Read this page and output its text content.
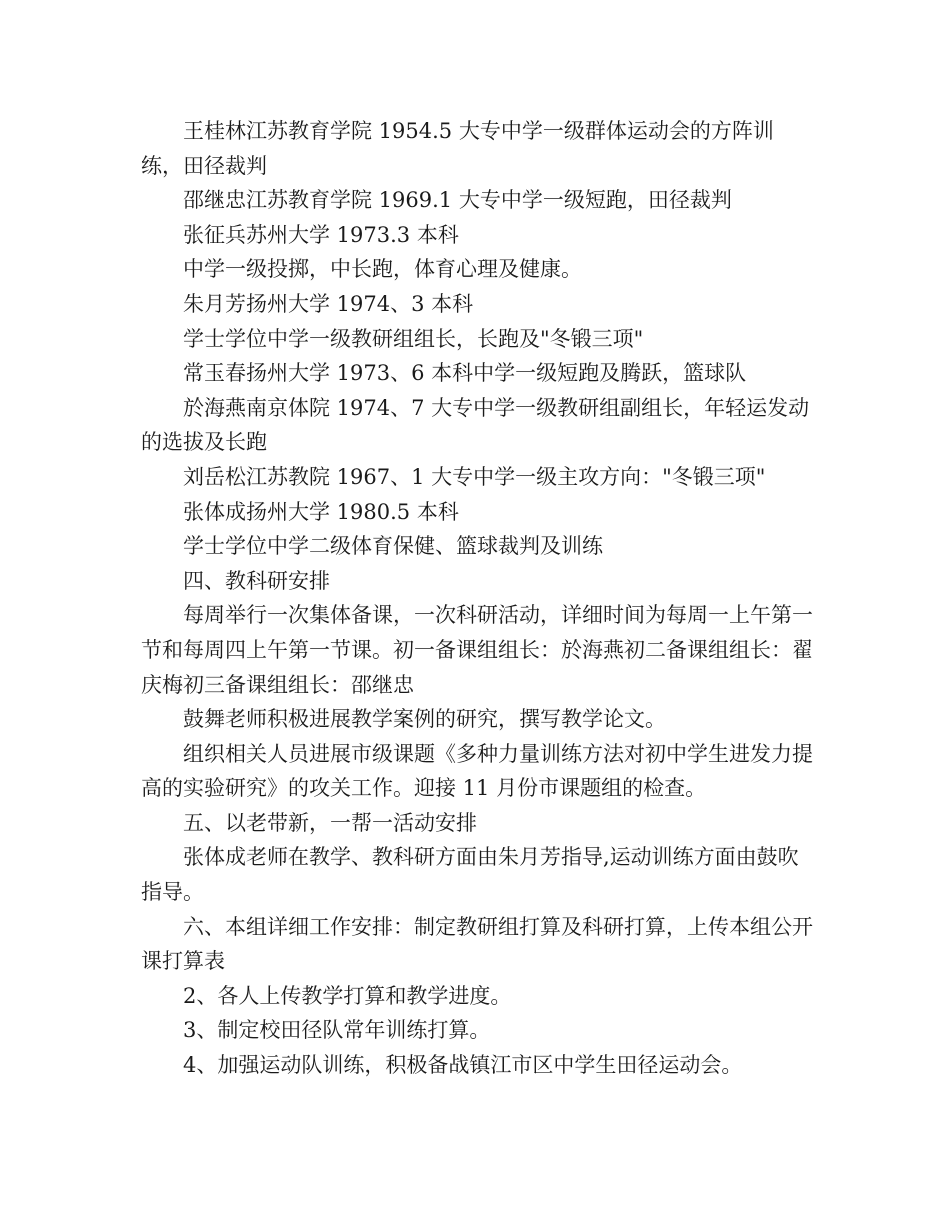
王桂林江苏教育学院 1954.5 大专中学一级群体运动会的方阵训练，田径裁判

邵继忠江苏教育学院 1969.1 大专中学一级短跑，田径裁判

张征兵苏州大学 1973.3 本科

中学一级投掷，中长跑，体育心理及健康。

朱月芳扬州大学 1974、3 本科

学士学位中学一级教研组组长，长跑及"冬锻三项"

常玉春扬州大学 1973、6 本科中学一级短跑及腾跃，篮球队

於海燕南京体院 1974、7 大专中学一级教研组副组长，年轻运发动的选拔及长跑

刘岳松江苏教院 1967、1 大专中学一级主攻方向："冬锻三项"

张体成扬州大学 1980.5 本科

学士学位中学二级体育保健、篮球裁判及训练

四、教科研安排

每周举行一次集体备课，一次科研活动，详细时间为每周一上午第一节和每周四上午第一节课。初一备课组组长：於海燕初二备课组组长：翟庆梅初三备课组组长：邵继忠

鼓舞老师积极进展教学案例的研究，撰写教学论文。

组织相关人员进展市级课题《多种力量训练方法对初中学生进发力提高的实验研究》的攻关工作。迎接 11 月份市课题组的检查。

五、以老带新，一帮一活动安排

张体成老师在教学、教科研方面由朱月芳指导,运动训练方面由鼓吹指导。

六、本组详细工作安排：制定教研组打算及科研打算，上传本组公开课打算表

2、各人上传教学打算和教学进度。

3、制定校田径队常年训练打算。

4、加强运动队训练，积极备战镇江市区中学生田径运动会。
